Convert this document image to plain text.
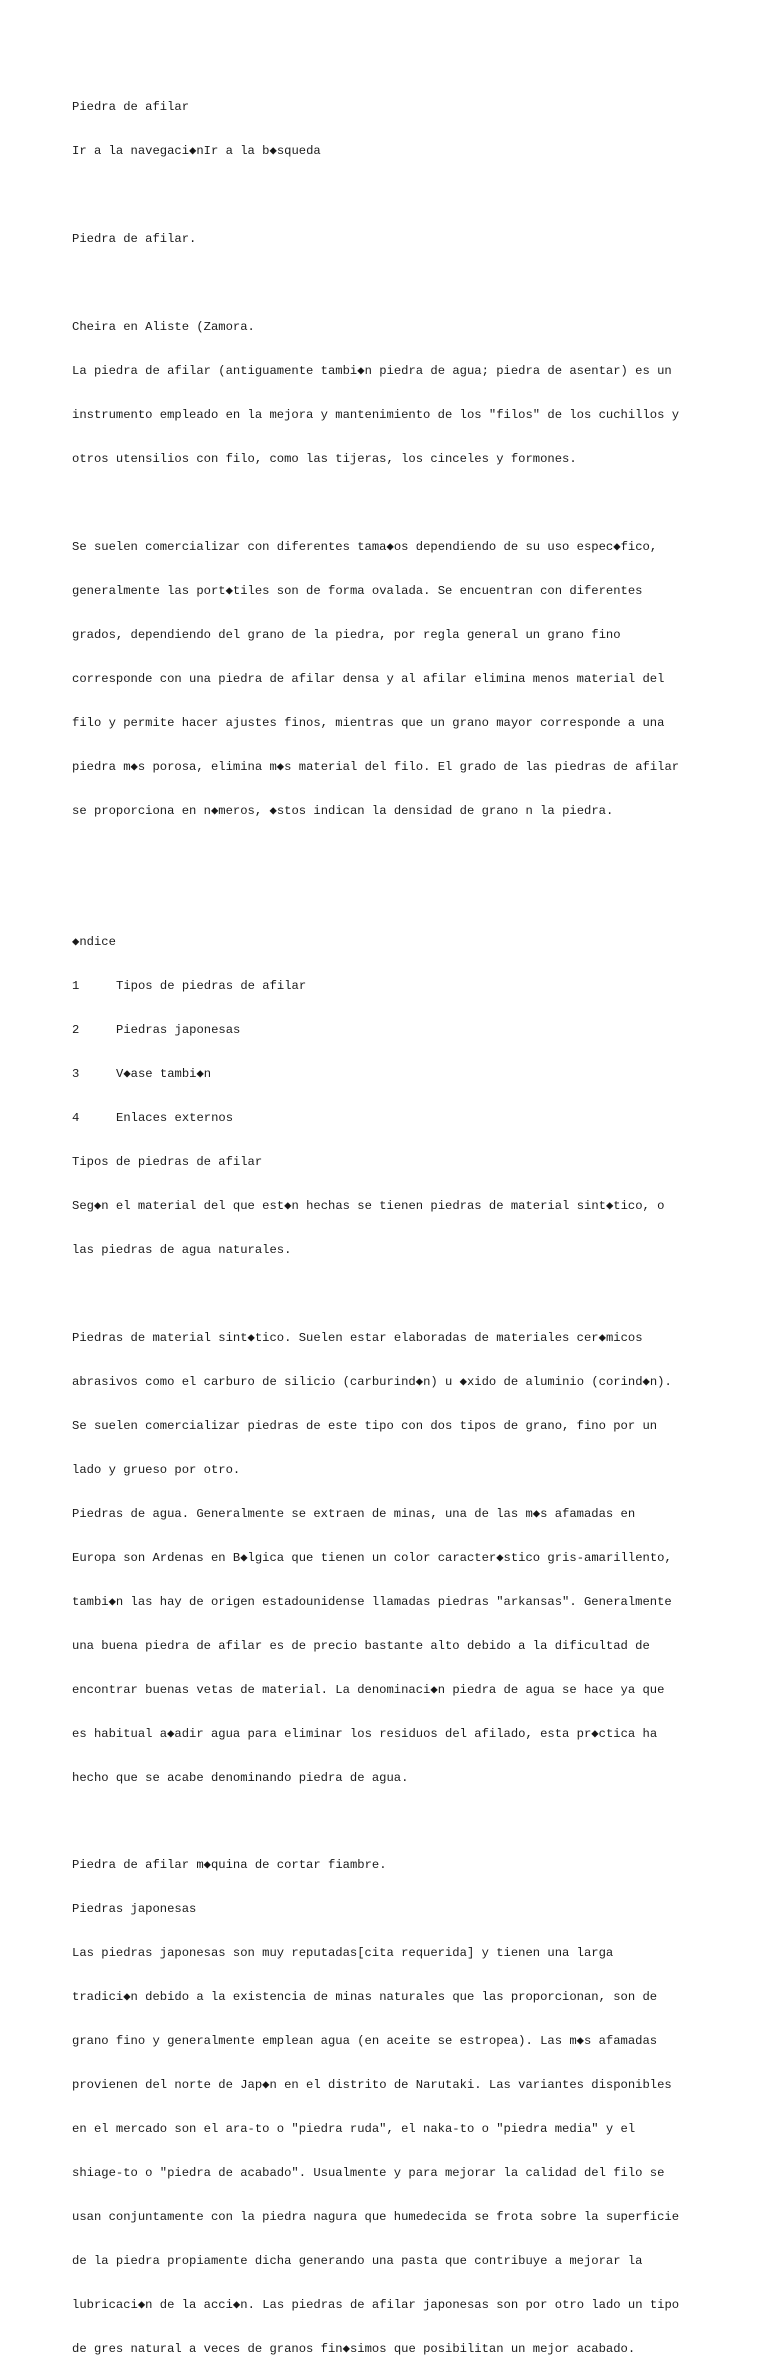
Piedra de afilar

Ir a la navegaci◆nIr a la b◆squeda

Piedra de afilar.

Cheira en Aliste (Zamora.

La piedra de afilar (antiguamente tambi◆n piedra de agua; piedra de asentar) es un

instrumento empleado en la mejora y mantenimiento de los "filos" de los cuchillos y

otros utensilios con filo, como las tijeras, los cinceles y formones.

Se suelen comercializar con diferentes tama◆os dependiendo de su uso espec◆fico,

generalmente las port◆tiles son de forma ovalada. Se encuentran con diferentes

grados, dependiendo del grano de la piedra, por regla general un grano fino

corresponde con una piedra de afilar densa y al afilar elimina menos material del

filo y permite hacer ajustes finos, mientras que un grano mayor corresponde a una

piedra m◆s porosa, elimina m◆s material del filo. El grado de las piedras de afilar

se proporciona en n◆meros, ◆stos indican la densidad de grano n la piedra.

◆ndice

1	Tipos de piedras de afilar

2	Piedras japonesas

3	V◆ase tambi◆n

4	Enlaces externos

Tipos de piedras de afilar

Seg◆n el material del que est◆n hechas se tienen piedras de material sint◆tico, o

las piedras de agua naturales.

Piedras de material sint◆tico. Suelen estar elaboradas de materiales cer◆micos

abrasivos como el carburo de silicio (carburind◆n) u ◆xido de aluminio (corind◆n).

Se suelen comercializar piedras de este tipo con dos tipos de grano, fino por un

lado y grueso por otro.

Piedras de agua. Generalmente se extraen de minas, una de las m◆s afamadas en

Europa son Ardenas en B◆lgica que tienen un color caracter◆stico gris-amarillento,

tambi◆n las hay de origen estadounidense llamadas piedras "arkansas". Generalmente

una buena piedra de afilar es de precio bastante alto debido a la dificultad de

encontrar buenas vetas de material. La denominaci◆n piedra de agua se hace ya que

es habitual a◆adir agua para eliminar los residuos del afilado, esta pr◆ctica ha

hecho que se acabe denominando piedra de agua.

Piedra de afilar m◆quina de cortar fiambre.

Piedras japonesas

Las piedras japonesas son muy reputadas[cita requerida] y tienen una larga

tradici◆n debido a la existencia de minas naturales que las proporcionan, son de

grano fino y generalmente emplean agua (en aceite se estropea). Las m◆s afamadas

provienen del norte de Jap◆n en el distrito de Narutaki. Las variantes disponibles

en el mercado son el ara-to o "piedra ruda", el naka-to o "piedra media" y el

shiage-to o "piedra de acabado". Usualmente y para mejorar la calidad del filo se

usan conjuntamente con la piedra nagura que humedecida se frota sobre la superficie

de la piedra propiamente dicha generando una pasta que contribuye a mejorar la

lubricaci◆n de la acci◆n. Las piedras de afilar japonesas son por otro lado un tipo

de gres natural a veces de granos fin◆simos que posibilitan un mejor acabado.
